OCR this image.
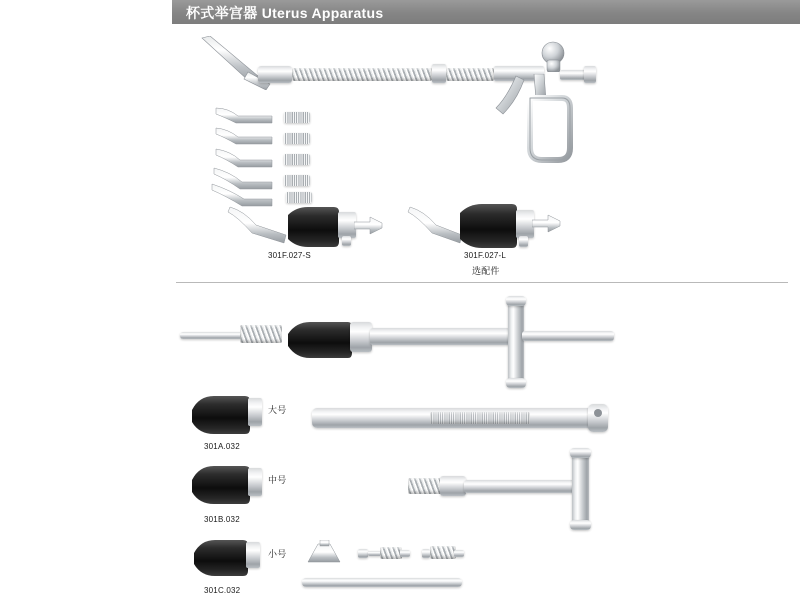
杯式举宫器 Uterus Apparatus
301F.027-S	301F.027-L
选配件
大号
301A.032
中号
301B.032
小号
301C.032
